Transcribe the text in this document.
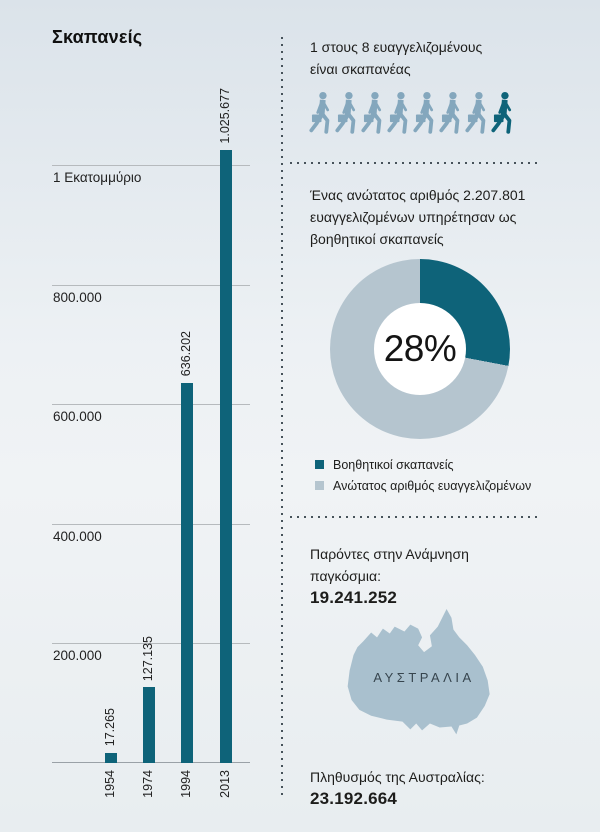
Σκαπανείς
200.000
400.000
600.000
800.000
1 Εκατομμύριο
17.265
1954
127.135
1974
636.202
1994
1.025.677
2013
1 στους 8 ευαγγελιζομένους
είναι σκαπανέας
Ένας ανώτατος αριθμός 2.207.801
ευαγγελιζομένων υπηρέτησαν ως
βοηθητικοί σκαπανείς
28%
Βοηθητικοί σκαπανείς
Ανώτατος αριθμός ευαγγελιζομένων
Παρόντες στην Ανάμνηση
παγκόσμια:
19.241.252
ΑΥΣΤΡΑΛΙΑ
Πληθυσμός της Αυστραλίας:
23.192.664
